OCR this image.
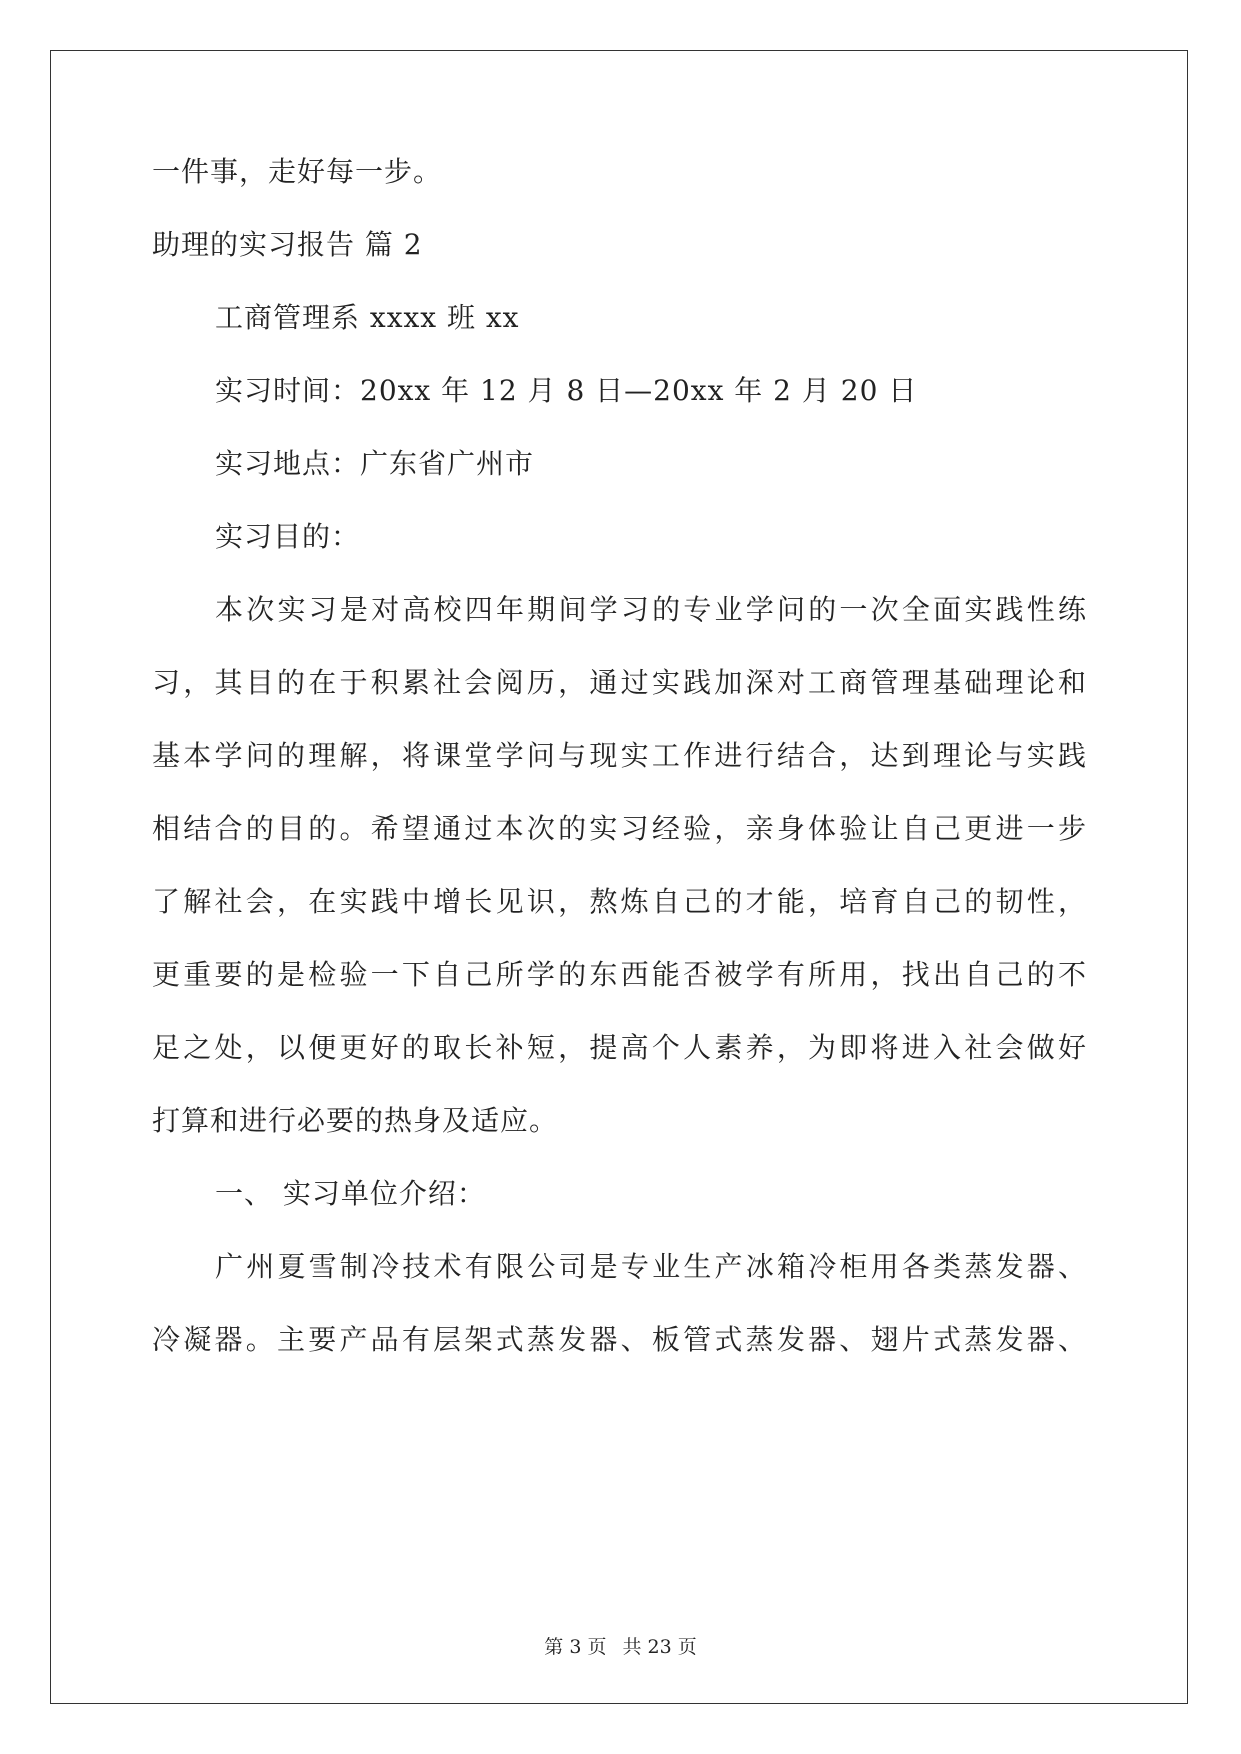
一件事，走好每一步。
助理的实习报告 篇 2
工商管理系 xxxx 班 xx
实习时间：20xx 年 12 月 8 日—20xx 年 2 月 20 日
实习地点：广东省广州市
实习目的：
本次实习是对高校四年期间学习的专业学问的一次全面实践性练
习，其目的在于积累社会阅历，通过实践加深对工商管理基础理论和
基本学问的理解，将课堂学问与现实工作进行结合，达到理论与实践
相结合的目的。希望通过本次的实习经验，亲身体验让自己更进一步
了解社会，在实践中增长见识，熬炼自己的才能，培育自己的韧性，
更重要的是检验一下自己所学的东西能否被学有所用，找出自己的不
足之处，以便更好的取长补短，提高个人素养，为即将进入社会做好
打算和进行必要的热身及适应。
一、 实习单位介绍：
广州夏雪制冷技术有限公司是专业生产冰箱冷柜用各类蒸发器、
冷凝器。主要产品有层架式蒸发器、板管式蒸发器、翅片式蒸发器、
第 3 页 共 23 页
